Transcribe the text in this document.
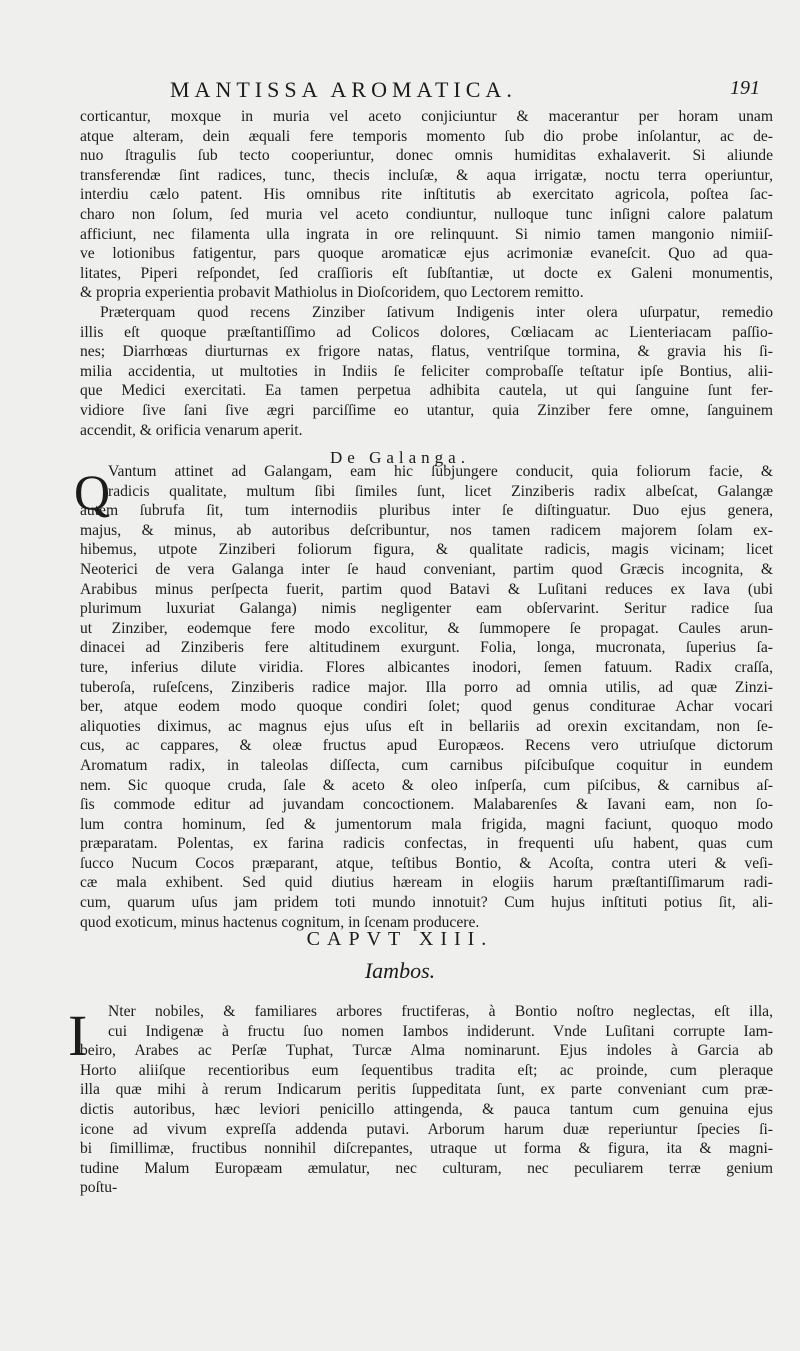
MANTISSA AROMATICA.	191
corticantur, moxque in muria vel aceto conjiciuntur & macerantur per horam unam
atque alteram, dein æquali fere temporis momento ſub dio probe inſolantur, ac de-
nuo ſtragulis ſub tecto cooperiuntur, donec omnis humiditas exhalaverit. Si aliunde
transferendæ ſint radices, tunc, thecis incluſæ, & aqua irrigatæ, noctu terra operiuntur,
interdiu cælo patent. His omnibus rite inſtitutis ab exercitato agricola, poſtea ſac-
charo non ſolum, ſed muria vel aceto condiuntur, nulloque tunc inſigni calore palatum
afficiunt, nec filamenta ulla ingrata in ore relinquunt. Si nimio tamen mangonio nimiiſ-
ve lotionibus fatigentur, pars quoque aromaticæ ejus acrimoniæ evaneſcit. Quo ad qua-
litates, Piperi reſpondet, ſed craſſioris eſt ſubſtantiæ, ut docte ex Galeni monumentis,
& propria experientia probavit Mathiolus in Dioſcoridem, quo Lectorem remitto.
Præterquam quod recens Zinziber ſativum Indigenis inter olera uſurpatur, remedio
illis eſt quoque præſtantiſſimo ad Colicos dolores, Cœliacam ac Lienteriacam paſſio-
nes; Diarrhœas diurturnas ex frigore natas, flatus, ventriſque tormina, & gravia his ſi-
milia accidentia, ut multoties in Indiis ſe feliciter comprobaſſe teſtatur ipſe Bontius, alii-
que Medici exercitati. Ea tamen perpetua adhibita cautela, ut qui ſanguine ſunt fer-
vidiore ſive ſani ſive ægri parciſſime eo utantur, quia Zinziber fere omne, ſanguinem
accendit, & orificia venarum aperit.
De Galanga.
Q
Vantum attinet ad Galangam, eam hic ſubjungere conducit, quia foliorum facie, &
radicis qualitate, multum ſibi ſimiles ſunt, licet Zinziberis radix albeſcat, Galangæ
autem ſubrufa ſit, tum internodiis pluribus inter ſe diſtinguatur. Duo ejus genera,
majus, & minus, ab autoribus deſcribuntur, nos tamen radicem majorem ſolam ex-
hibemus, utpote Zinziberi foliorum figura, & qualitate radicis, magis vicinam; licet
Neoterici de vera Galanga inter ſe haud conveniant, partim quod Græcis incognita, &
Arabibus minus perſpecta fuerit, partim quod Batavi & Luſitani reduces ex Iava (ubi
plurimum luxuriat Galanga) nimis negligenter eam obſervarint. Seritur radice ſua
ut Zinziber, eodemque fere modo excolitur, & ſummopere ſe propagat. Caules arun-
dinacei ad Zinziberis fere altitudinem exurgunt. Folia, longa, mucronata, ſuperius ſa-
ture, inferius dilute viridia. Flores albicantes inodori, ſemen fatuum. Radix craſſa,
tuberoſa, ruſeſcens, Zinziberis radice major. Illa porro ad omnia utilis, ad quæ Zinzi-
ber, atque eodem modo quoque condiri ſolet; quod genus conditurae Achar vocari
aliquoties diximus, ac magnus ejus uſus eſt in bellariis ad orexin excitandam, non ſe-
cus, ac cappares, & oleæ fructus apud Europæos. Recens vero utriuſque dictorum
Aromatum radix, in taleolas diſſecta, cum carnibus piſcibuſque coquitur in eundem
nem. Sic quoque cruda, ſale & aceto & oleo inſperſa, cum piſcibus, & carnibus aſ-
ſis commode editur ad juvandam concoctionem. Malabarenſes & Iavani eam, non ſo-
lum contra hominum, ſed & jumentorum mala frigida, magni faciunt, quoquo modo
præparatam. Polentas, ex farina radicis confectas, in frequenti uſu habent, quas cum
ſucco Nucum Cocos præparant, atque, teſtibus Bontio, & Acoſta, contra uteri & veſi-
cæ mala exhibent. Sed quid diutius hæream in elogiis harum præſtantiſſimarum radi-
cum, quarum uſus jam pridem toti mundo innotuit? Cum hujus inſtituti potius ſit, ali-
quod exoticum, minus hactenus cognitum, in ſcenam producere.
CAPVT XIII.
Iambos.
I	Nter nobiles, & familiares arbores fructiferas, à Bontio noſtro neglectas, eſt illa,
cui Indigenæ à fructu ſuo nomen Iambos indiderunt. Vnde Luſitani corrupte Iam-
beiro, Arabes ac Perſæ Tuphat, Turcæ Alma nominarunt. Ejus indoles à Garcia ab
Horto aliiſque recentioribus eum ſequentibus tradita eſt; ac proinde, cum pleraque
illa quæ mihi à rerum Indicarum peritis ſuppeditata ſunt, ex parte conveniant cum præ-
dictis autoribus, hæc leviori penicillo attingenda, & pauca tantum cum genuina ejus
icone ad vivum expreſſa addenda putavi. Arborum harum duæ reperiuntur ſpecies ſi-
bi ſimillimæ, fructibus nonnihil diſcrepantes, utraque ut forma & figura, ita & magni-
tudine Malum Europæam æmulatur, nec culturam, nec peculiarem terræ genium
poſtu-
